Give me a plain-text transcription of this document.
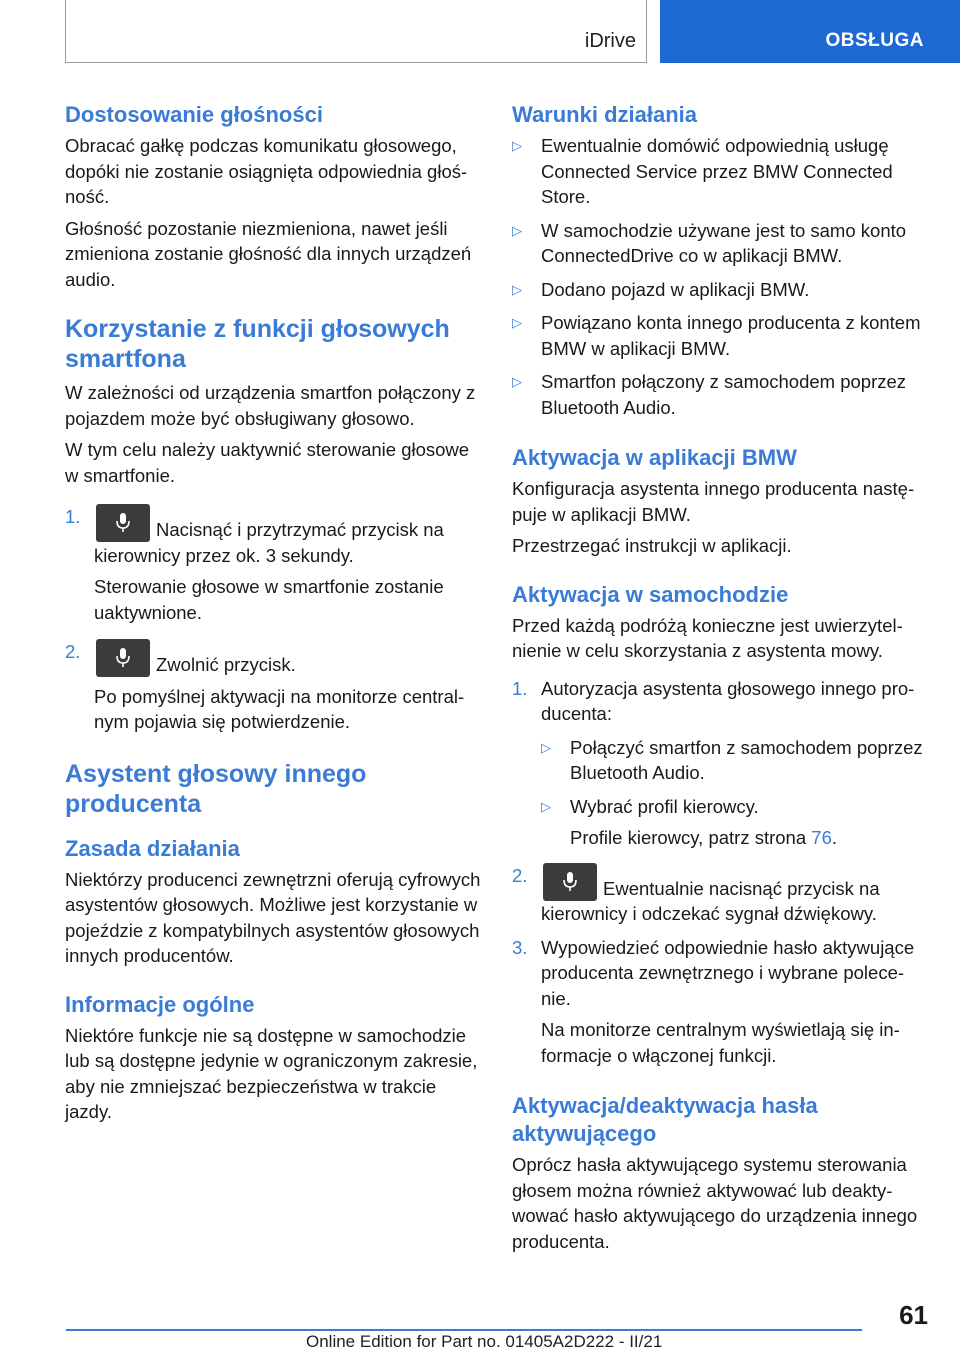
iDrive	OBSŁUGA
Dostosowanie głośności

Obracać gałkę podczas komunikatu głosowego, dopóki nie zostanie osiągnięta odpowiednia głośność.

Głośność pozostanie niezmieniona, nawet jeśli zmieniona zostanie głośność dla innych urządzeń audio.

Korzystanie z funkcji głosowych smartfona

W zależności od urządzenia smartfon połączony z pojazdem może być obsługiwany głosowo.

W tym celu należy uaktywnić sterowanie głosowe w smartfonie.

1.
Nacisnąć i przytrzymać przycisk na kierownicy przez ok. 3 sekundy.
Sterowanie głosowe w smartfonie zostanie uaktywnione.
2.
Zwolnić przycisk.
Po pomyślnej aktywacji na monitorze centralnym pojawia się potwierdzenie.
Asystent głosowy innego producenta
Zasada działania

Niektórzy producenci zewnętrzni oferują cyfrowych asystentów głosowych. Możliwe jest korzystanie w pojeździe z kompatybilnych asystentów głosowych innych producentów.

Informacje ogólne

Niektóre funkcje nie są dostępne w samochodzie lub są dostępne jedynie w ograniczonym zakresie, aby nie zmniejszać bezpieczeństwa w trakcie jazdy.

Warunki działania
▷ Ewentualnie domówić odpowiednią usługę Connected Service przez BMW Connected Store.
▷ W samochodzie używane jest to samo konto ConnectedDrive co w aplikacji BMW.
▷ Dodano pojazd w aplikacji BMW.
▷ Powiązano konta innego producenta z kontem BMW w aplikacji BMW.
▷ Smartfon połączony z samochodem poprzez Bluetooth Audio.
Aktywacja w aplikacji BMW

Konfiguracja asystenta innego producenta następuje w aplikacji BMW.

Przestrzegać instrukcji w aplikacji.

Aktywacja w samochodzie

Przed każdą podróżą konieczne jest uwierzytelnienie w celu skorzystania z asystenta mowy.

1. Autoryzacja asystenta głosowego innego producenta:
▷ Połączyć smartfon z samochodem poprzez Bluetooth Audio.
▷ Wybrać profil kierowcy.
Profile kierowcy, patrz strona 76.
2.
Ewentualnie nacisnąć przycisk na kierownicy i odczekać sygnał dźwiękowy.
3. Wypowiedzieć odpowiednie hasło aktywujące producenta zewnętrznego i wybrane polecenie.
Na monitorze centralnym wyświetlają się informacje o włączonej funkcji.
Aktywacja/deaktywacja hasła aktywującego

Oprócz hasła aktywującego systemu sterowania głosem można również aktywować lub deaktywować hasło aktywującego do urządzenia innego producenta.

61
Online Edition for Part no. 01405A2D222 - II/21
